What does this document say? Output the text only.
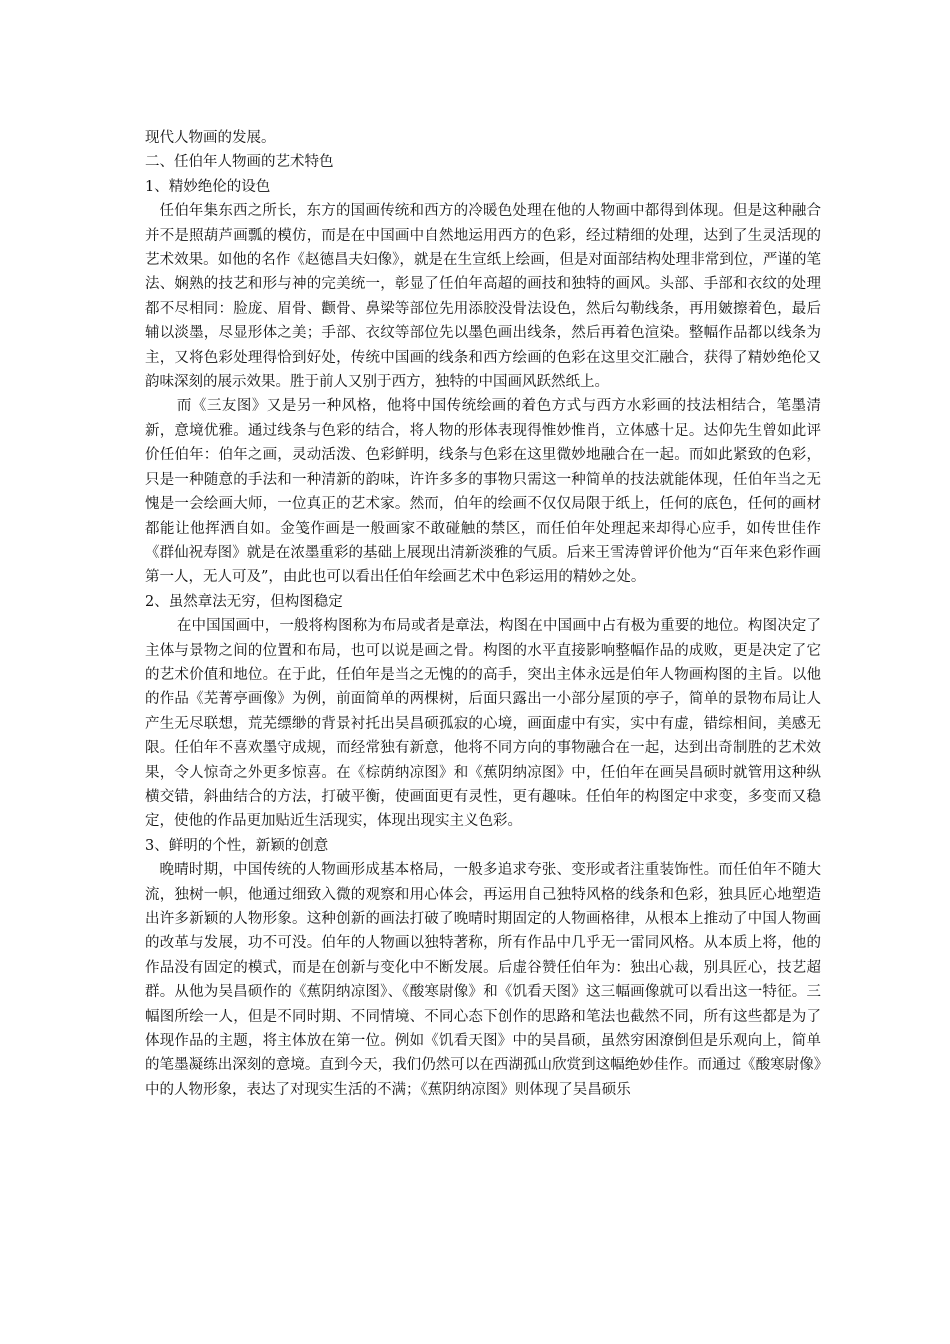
现代人物画的发展。

二、任伯年人物画的艺术特色

1、精妙绝伦的设色

任伯年集东西之所长，东方的国画传统和西方的冷暖色处理在他的人物画中都得到体现。但是这种融合并不是照葫芦画瓢的模仿，而是在中国画中自然地运用西方的色彩，经过精细的处理，达到了生灵活现的艺术效果。如他的名作《赵德昌夫妇像》，就是在生宣纸上绘画，但是对面部结构处理非常到位，严谨的笔法、娴熟的技艺和形与神的完美统一，彰显了任伯年高超的画技和独特的画风。头部、手部和衣纹的处理都不尽相同：脸庞、眉骨、颧骨、鼻梁等部位先用添胶没骨法设色，然后勾勒线条，再用皴擦着色，最后辅以淡墨，尽显形体之美；手部、衣纹等部位先以墨色画出线条，然后再着色渲染。整幅作品都以线条为主，又将色彩处理得恰到好处，传统中国画的线条和西方绘画的色彩在这里交汇融合，获得了精妙绝伦又韵味深刻的展示效果。胜于前人又别于西方，独特的中国画风跃然纸上。

而《三友图》又是另一种风格，他将中国传统绘画的着色方式与西方水彩画的技法相结合，笔墨清新，意境优雅。通过线条与色彩的结合，将人物的形体表现得惟妙惟肖，立体感十足。达仰先生曾如此评价任伯年：伯年之画，灵动活泼、色彩鲜明，线条与色彩在这里微妙地融合在一起。而如此紧致的色彩，只是一种随意的手法和一种清新的韵味，许许多多的事物只需这一种简单的技法就能体现，任伯年当之无愧是一会绘画大师，一位真正的艺术家。然而，伯年的绘画不仅仅局限于纸上，任何的底色，任何的画材都能让他挥洒自如。金笺作画是一般画家不敢碰触的禁区，而任伯年处理起来却得心应手，如传世佳作《群仙祝寿图》就是在浓墨重彩的基础上展现出清新淡雅的气质。后来王雪涛曾评价他为“百年来色彩作画第一人，无人可及”，由此也可以看出任伯年绘画艺术中色彩运用的精妙之处。

2、虽然章法无穷，但构图稳定

在中国国画中，一般将构图称为布局或者是章法，构图在中国画中占有极为重要的地位。构图决定了主体与景物之间的位置和布局，也可以说是画之骨。构图的水平直接影响整幅作品的成败，更是决定了它的艺术价值和地位。在于此，任伯年是当之无愧的的高手，突出主体永远是伯年人物画构图的主旨。以他的作品《芜菁亭画像》为例，前面简单的两棵树，后面只露出一小部分屋顶的亭子，简单的景物布局让人产生无尽联想，荒芜缥缈的背景衬托出吴昌硕孤寂的心境，画面虚中有实，实中有虚，错综相间，美感无限。任伯年不喜欢墨守成规，而经常独有新意，他将不同方向的事物融合在一起，达到出奇制胜的艺术效果，令人惊奇之外更多惊喜。在《棕荫纳凉图》和《蕉阴纳凉图》中，任伯年在画吴昌硕时就管用这种纵横交错，斜曲结合的方法，打破平衡，使画面更有灵性，更有趣味。任伯年的构图定中求变，多变而又稳定，使他的作品更加贴近生活现实，体现出现实主义色彩。

3、鲜明的个性，新颖的创意

晚晴时期，中国传统的人物画形成基本格局，一般多追求夸张、变形或者注重装饰性。而任伯年不随大流，独树一帜，他通过细致入微的观察和用心体会，再运用自己独特风格的线条和色彩，独具匠心地塑造出许多新颖的人物形象。这种创新的画法打破了晚晴时期固定的人物画格律，从根本上推动了中国人物画的改革与发展，功不可没。伯年的人物画以独特著称，所有作品中几乎无一雷同风格。从本质上将，他的作品没有固定的模式，而是在创新与变化中不断发展。后虚谷赞任伯年为：独出心裁，别具匠心，技艺超群。从他为吴昌硕作的《蕉阴纳凉图》、《酸寒尉像》和《饥看天图》这三幅画像就可以看出这一特征。三幅图所绘一人，但是不同时期、不同情境、不同心态下创作的思路和笔法也截然不同，所有这些都是为了体现作品的主题，将主体放在第一位。例如《饥看天图》中的吴昌硕，虽然穷困潦倒但是乐观向上，简单的笔墨凝练出深刻的意境。直到今天，我们仍然可以在西湖孤山欣赏到这幅绝妙佳作。而通过《酸寒尉像》中的人物形象，表达了对现实生活的不满；《蕉阴纳凉图》则体现了吴昌硕乐
